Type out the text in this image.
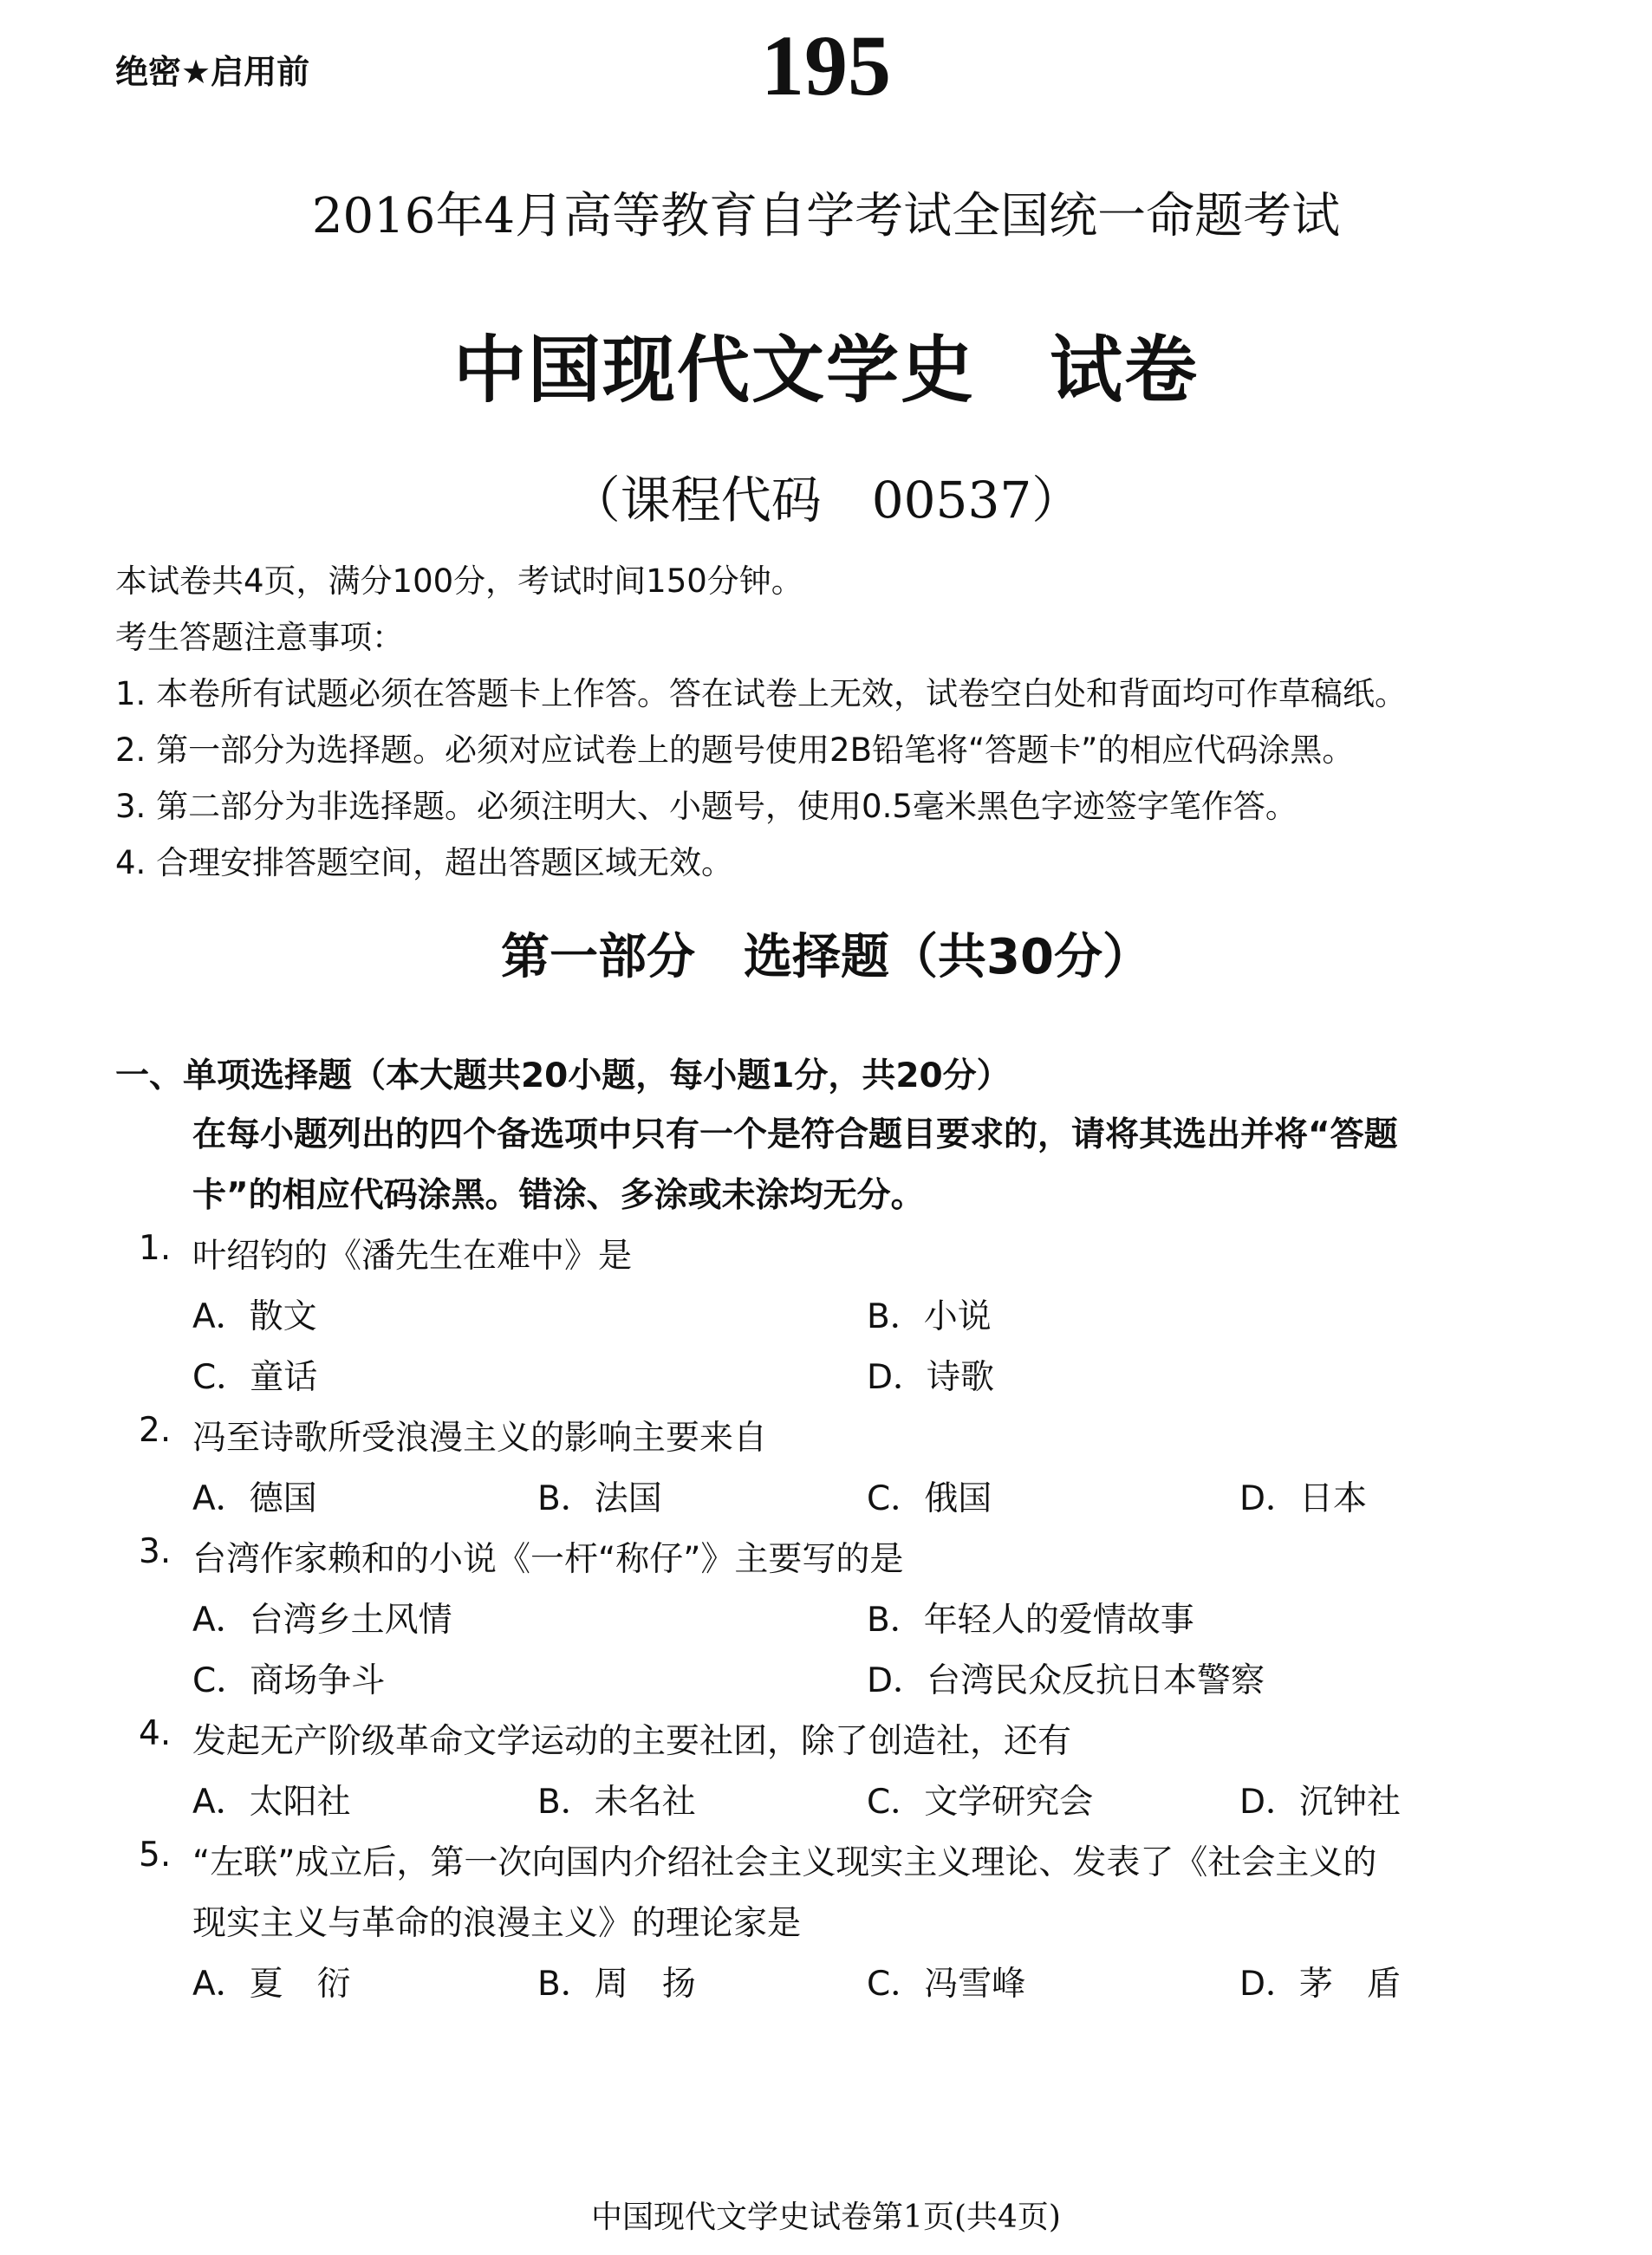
绝密★启用前	195
2016年4月高等教育自学考试全国统一命题考试
中国现代文学史　试卷
（课程代码　00537）
本试卷共4页，满分100分，考试时间150分钟。
考生答题注意事项：
1. 本卷所有试题必须在答题卡上作答。答在试卷上无效，试卷空白处和背面均可作草稿纸。
2. 第一部分为选择题。必须对应试卷上的题号使用2B铅笔将“答题卡”的相应代码涂黑。
3. 第二部分为非选择题。必须注明大、小题号，使用0.5毫米黑色字迹签字笔作答。
4. 合理安排答题空间，超出答题区域无效。
第一部分　选择题（共30分）
一、单项选择题（本大题共20小题，每小题1分，共20分）
在每小题列出的四个备选项中只有一个是符合题目要求的，请将其选出并将“答题
卡”的相应代码涂黑。错涂、多涂或未涂均无分。
1. 叶绍钧的《潘先生在难中》是
A．散文	B．小说
C．童话	D．诗歌
2. 冯至诗歌所受浪漫主义的影响主要来自
A．德国	B．法国	C．俄国	D．日本
3. 台湾作家赖和的小说《一杆“称仔”》主要写的是
A．台湾乡土风情	B．年轻人的爱情故事
C．商场争斗	D．台湾民众反抗日本警察
4. 发起无产阶级革命文学运动的主要社团，除了创造社，还有
A．太阳社	B．未名社	C．文学研究会	D．沉钟社
5. “左联”成立后，第一次向国内介绍社会主义现实主义理论、发表了《社会主义的
现实主义与革命的浪漫主义》的理论家是
A．夏　衍	B．周　扬	C．冯雪峰	D．茅　盾
中国现代文学史试卷第1页(共4页)
